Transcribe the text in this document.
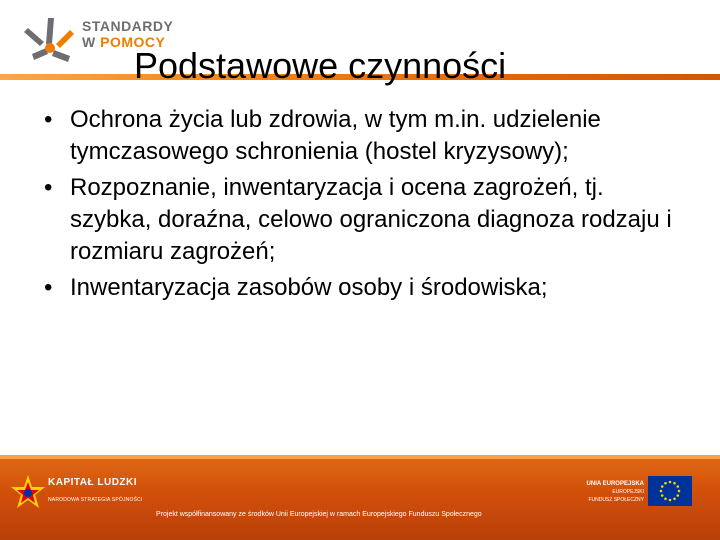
STANDARDY
W POMOCY
Podstawowe czynności
• Ochrona życia lub zdrowia, w tym m.in. udzielenie tymczasowego schronienia (hostel kryzysowy);
• Rozpoznanie, inwentaryzacja i ocena zagrożeń, tj. szybka, doraźna, celowo ograniczona diagnoza rodzaju i rozmiaru zagrożeń;
• Inwentaryzacja zasobów osoby i środowiska;
KAPITAŁ LUDZKI
NARODOWA STRATEGIA SPÓJNOŚCI
Projekt współfinansowany ze środków Unii Europejskiej w ramach Europejskiego Funduszu Społecznego
UNIA EUROPEJSKA
EUROPEJSKI
FUNDUSZ SPOŁECZNY
